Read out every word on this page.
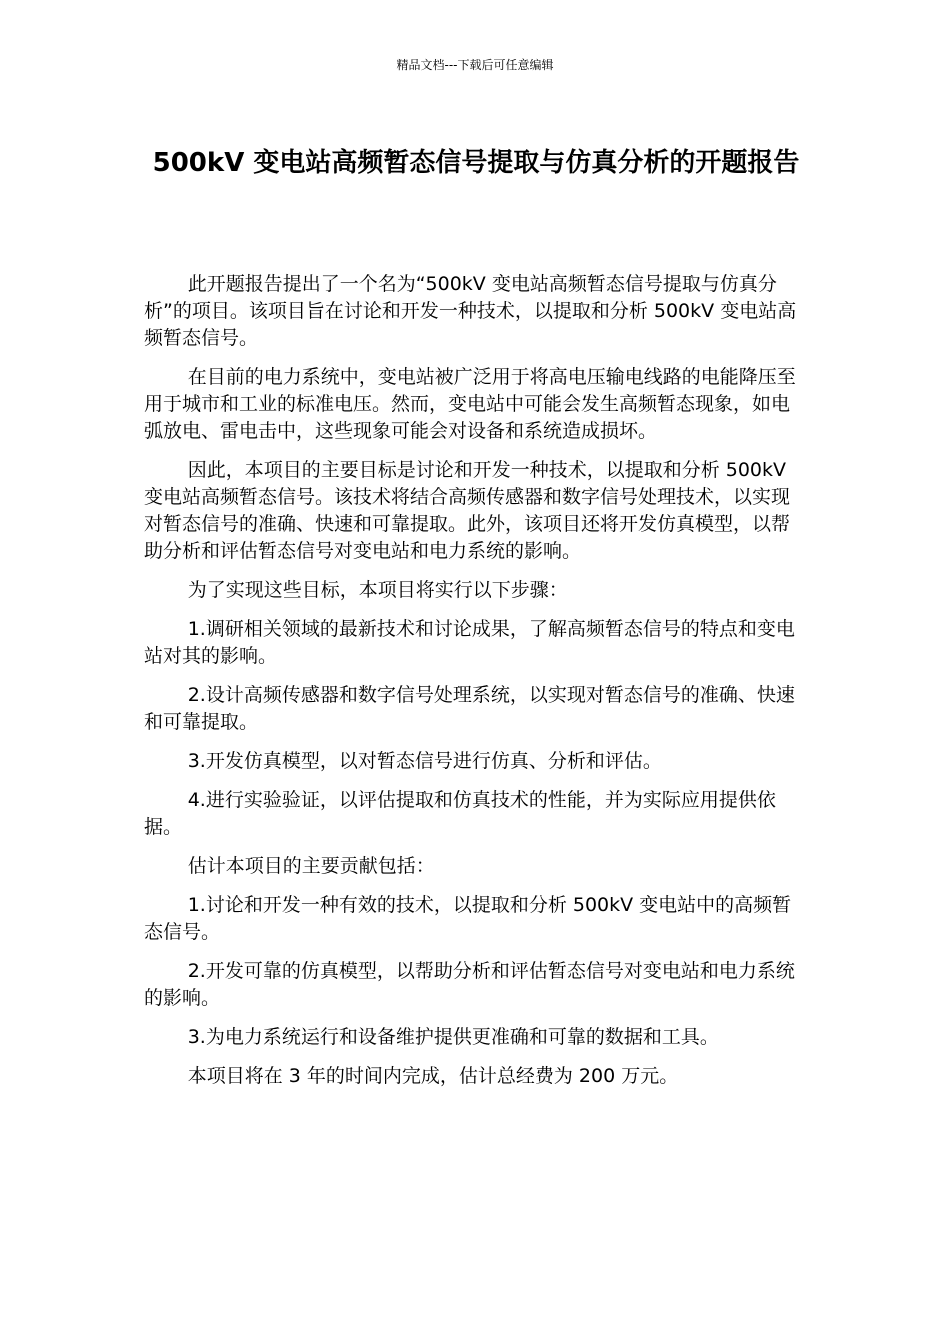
精品文档---下载后可任意编辑
500kV 变电站高频暂态信号提取与仿真分析的开题报告

此开题报告提出了一个名为“500kV 变电站高频暂态信号提取与仿真分析”的项目。该项目旨在讨论和开发一种技术，以提取和分析 500kV 变电站高频暂态信号。

在目前的电力系统中，变电站被广泛用于将高电压输电线路的电能降压至用于城市和工业的标准电压。然而，变电站中可能会发生高频暂态现象，如电弧放电、雷电击中，这些现象可能会对设备和系统造成损坏。

因此，本项目的主要目标是讨论和开发一种技术，以提取和分析 500kV 变电站高频暂态信号。该技术将结合高频传感器和数字信号处理技术，以实现对暂态信号的准确、快速和可靠提取。此外，该项目还将开发仿真模型，以帮助分析和评估暂态信号对变电站和电力系统的影响。

为了实现这些目标，本项目将实行以下步骤：

1.调研相关领域的最新技术和讨论成果，了解高频暂态信号的特点和变电站对其的影响。

2.设计高频传感器和数字信号处理系统，以实现对暂态信号的准确、快速和可靠提取。

3.开发仿真模型，以对暂态信号进行仿真、分析和评估。

4.进行实验验证，以评估提取和仿真技术的性能，并为实际应用提供依据。

估计本项目的主要贡献包括：

1.讨论和开发一种有效的技术，以提取和分析 500kV 变电站中的高频暂态信号。

2.开发可靠的仿真模型，以帮助分析和评估暂态信号对变电站和电力系统的影响。

3.为电力系统运行和设备维护提供更准确和可靠的数据和工具。

本项目将在 3 年的时间内完成，估计总经费为 200 万元。
